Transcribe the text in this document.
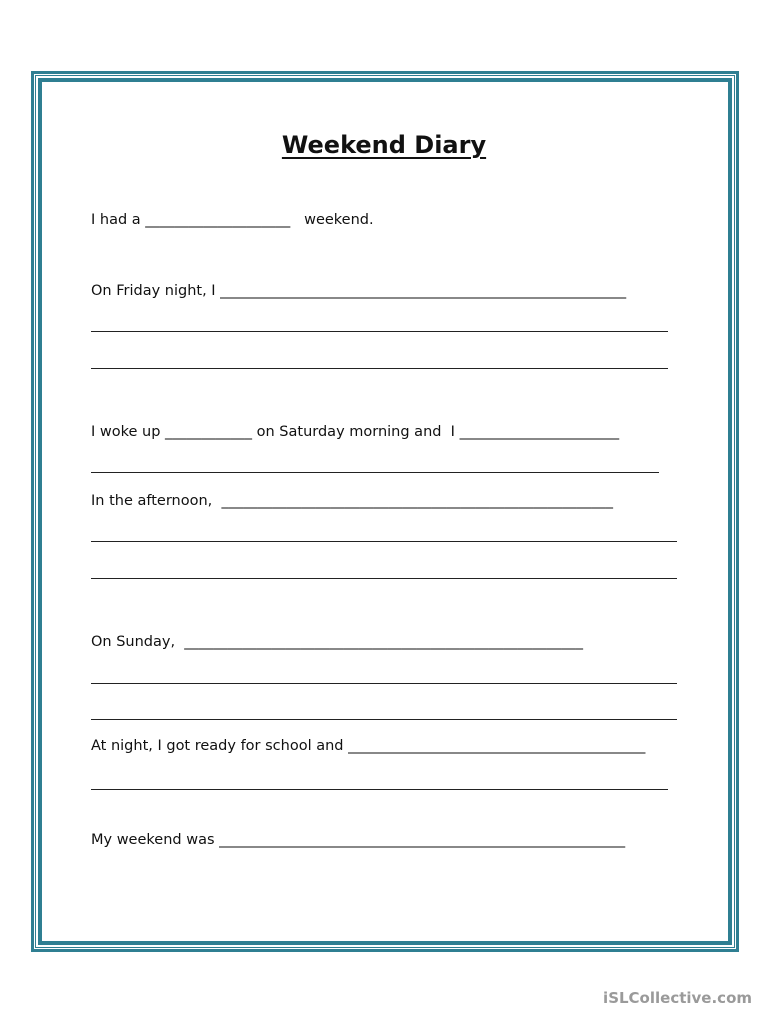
Weekend Diary

I had a ____________________   weekend.

On Friday night, I ________________________________________________________

I woke up ____________ on Saturday morning and  I ______________________

In the afternoon,  ______________________________________________________

On Sunday,  _______________________________________________________

At night, I got ready for school and _________________________________________

My weekend was ________________________________________________________

iSLCollective.com
